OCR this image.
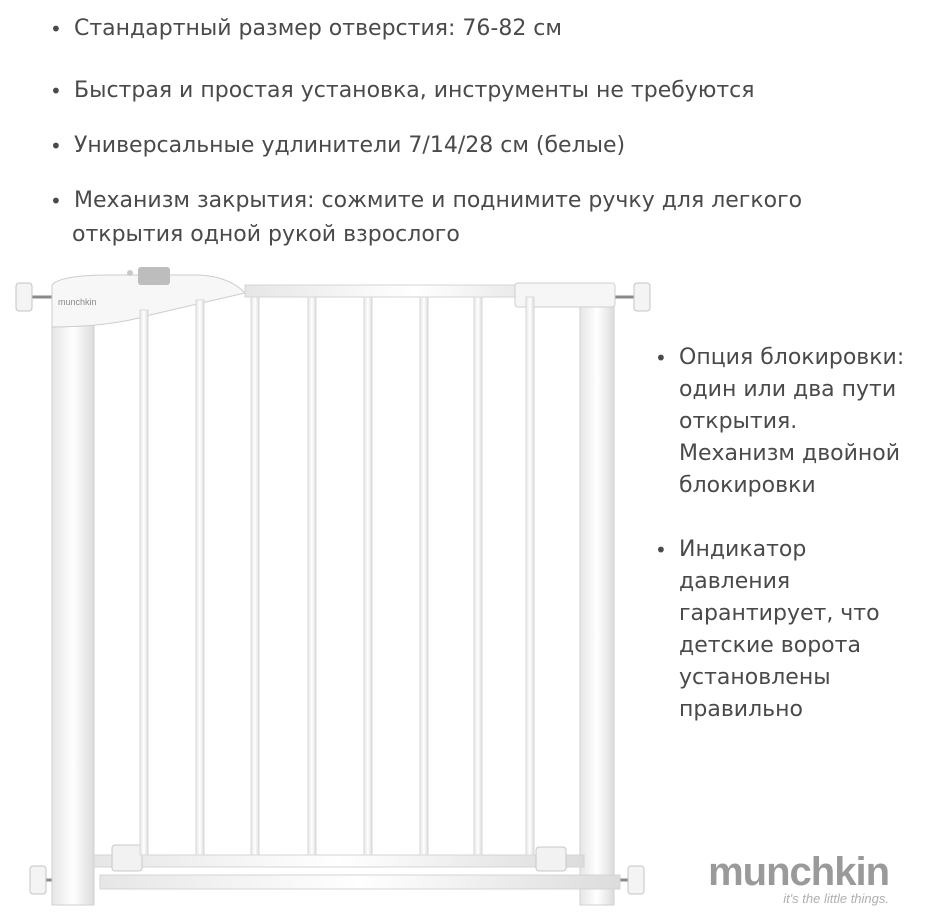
• Стандартный размер отверстия: 76-82 см
• Быстрая и простая установка, инструменты не требуются
• Универсальные удлинители 7/14/28 см (белые)
• Механизм закрытия: сожмите и поднимите ручку для легкого
открытия одной рукой взрослого
• Опция блокировки:
один или два пути
открытия.
Механизм двойной
блокировки
• Индикатор
давления
гарантирует, что
детские ворота
установлены
правильно
munchkin
munchkin
it's the little things.
